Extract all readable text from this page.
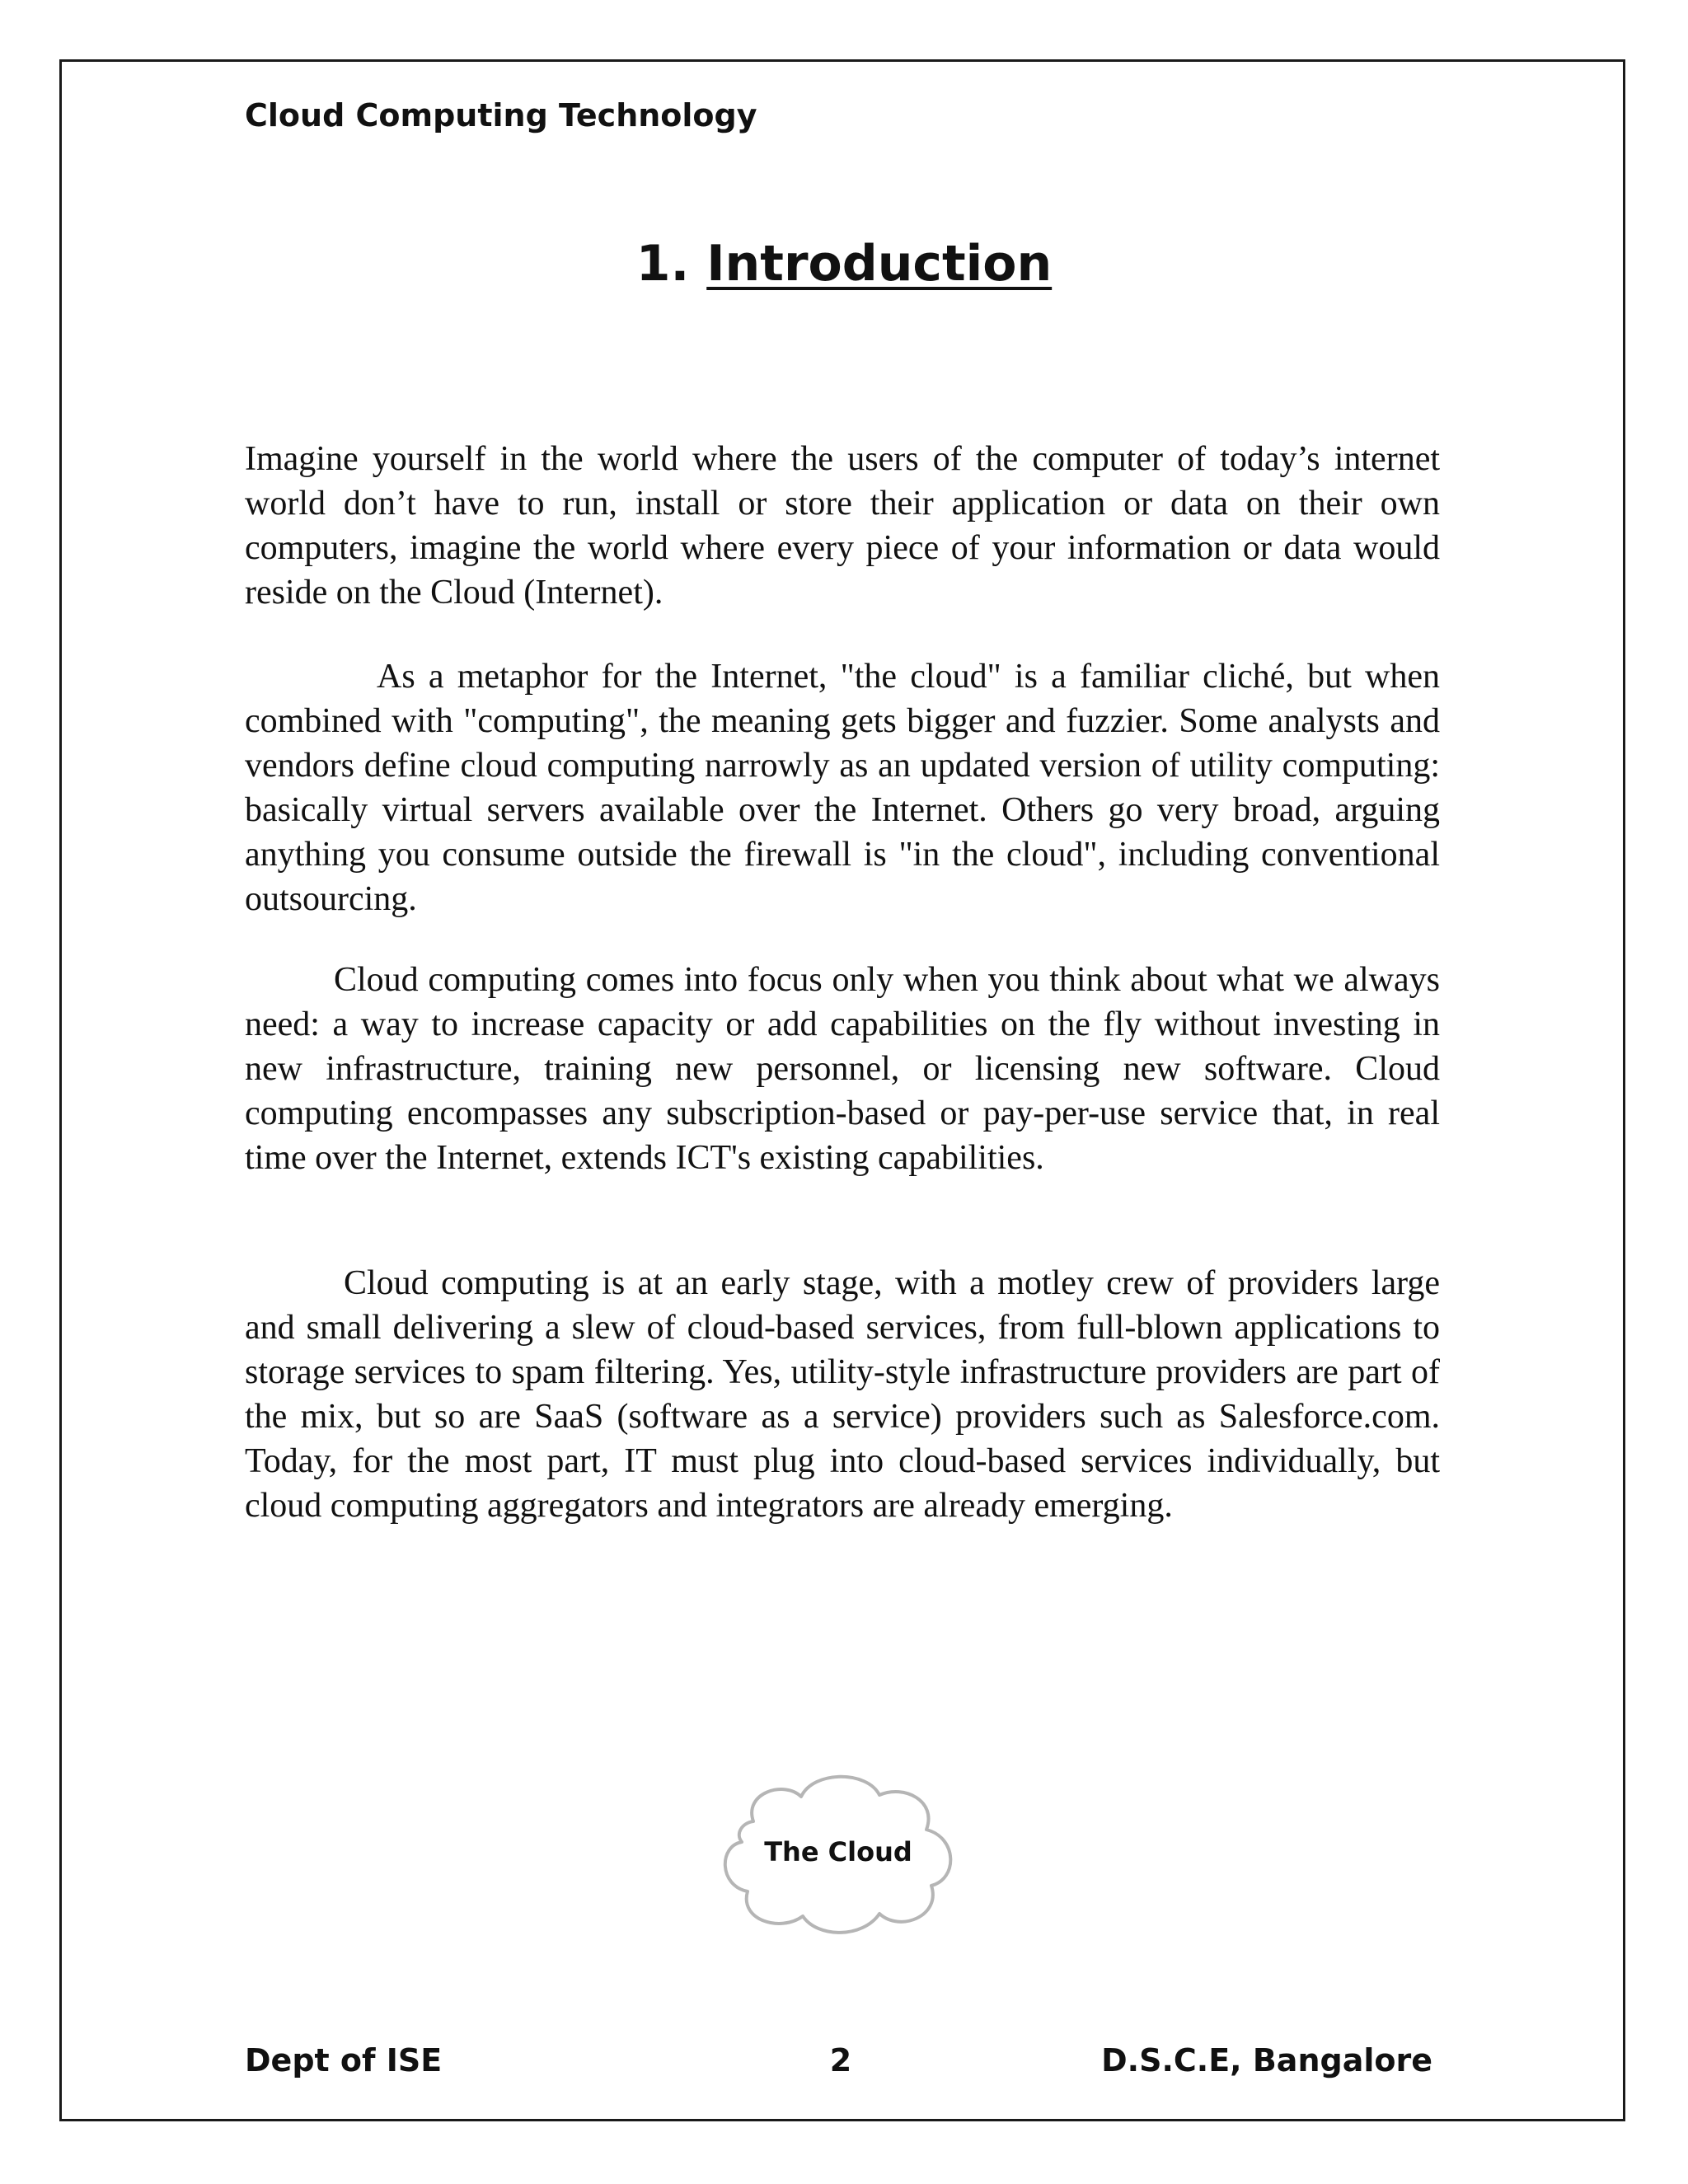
Cloud Computing Technology
1. Introduction

Imagine yourself in the world where the users of the computer of today’s internet world don’t have to run, install or store their application or data on their own computers, imagine the world where every piece of your information or data would reside on the Cloud (Internet).

As a metaphor for the Internet, "the cloud" is a familiar cliché, but when combined with "computing", the meaning gets bigger and fuzzier. Some analysts and vendors define cloud computing narrowly as an updated version of utility computing: basically virtual servers available over the Internet. Others go very broad, arguing anything you consume outside the firewall is "in the cloud", including conventional outsourcing.

Cloud computing comes into focus only when you think about what we always need: a way to increase capacity or add capabilities on the fly without investing in new infrastructure, training new personnel, or licensing new software. Cloud computing encompasses any subscription-based or pay-per-use service that, in real time over the Internet, extends ICT's existing capabilities.

Cloud computing is at an early stage, with a motley crew of providers large and small delivering a slew of cloud-based services, from full-blown applications to storage services to spam filtering. Yes, utility-style infrastructure providers are part of the mix, but so are SaaS (software as a service) providers such as Salesforce.com. Today, for the most part, IT must plug into cloud-based services individually, but cloud computing aggregators and integrators are already emerging.

The Cloud
Dept of ISE	2	D.S.C.E, Bangalore
